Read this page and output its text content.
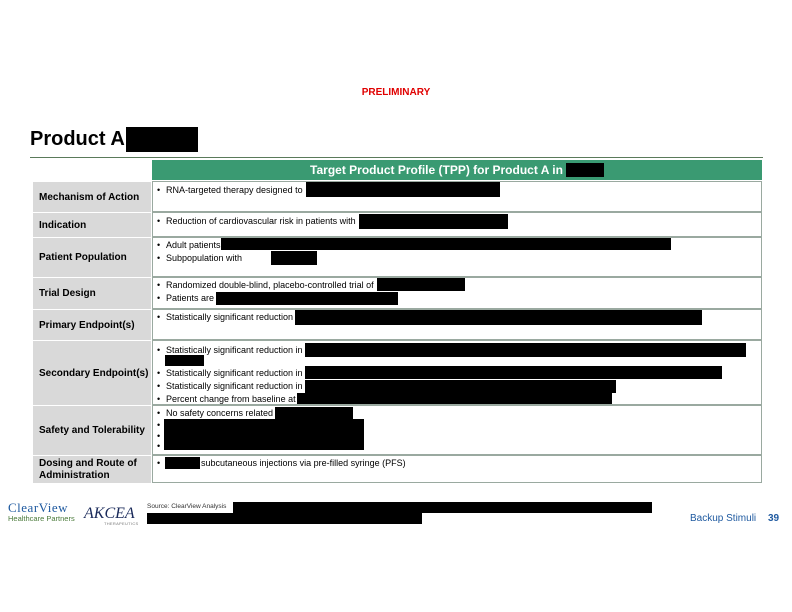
PRELIMINARY
Product A
Target Product Profile (TPP) for Product A in
Mechanism of Action
• RNA-targeted therapy designed to
Indication
•	Reduction of cardiovascular risk in patients with
Patient Population
• Adult patients
• Subpopulation with
Trial Design
• Randomized double-blind, placebo-controlled trial of
• Patients are
Primary Endpoint(s)
• Statistically significant reduction
Secondary Endpoint(s)
• Statistically significant reduction in
• Statistically significant reduction in
• Statistically significant reduction in
• Percent change from baseline at
Safety and Tolerability
• No safety concerns related
•
•
•
Dosing and Route of Administration
•
subcutaneous injections via pre-filled syringe (PFS)
ClearView
Healthcare Partners AKCEA
THERAPEUTICS
Source: ClearView Analysis
Backup Stimuli 39
